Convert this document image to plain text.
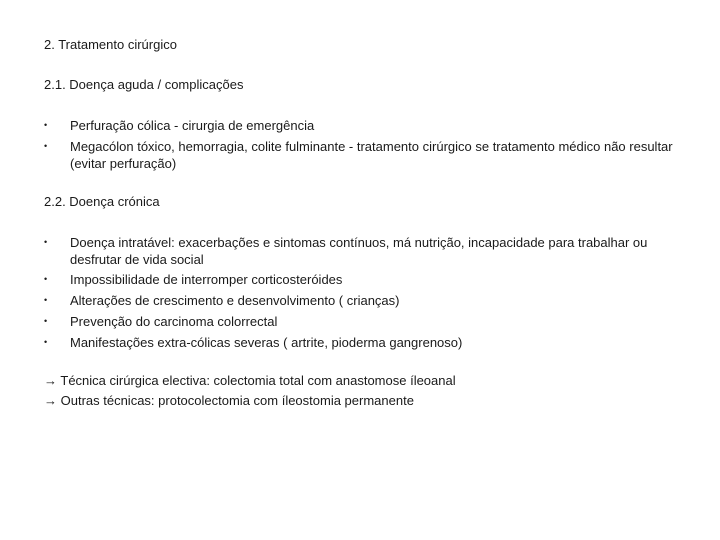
2. Tratamento cirúrgico
2.1. Doença aguda / complicações
• Perfuração cólica - cirurgia de emergência
• Megacólon tóxico, hemorragia, colite fulminante - tratamento cirúrgico se tratamento médico não resultar (evitar perfuração)
2.2. Doença crónica
• Doença intratável: exacerbações e sintomas contínuos, má nutrição, incapacidade para trabalhar ou desfrutar de vida social
• Impossibilidade de interromper corticosteróides
• Alterações de crescimento e desenvolvimento ( crianças)
• Prevenção do carcinoma colorrectal
• Manifestações extra-cólicas severas ( artrite, pioderma gangrenoso)
→ Técnica cirúrgica electiva: colectomia total com anastomose íleoanal
→ Outras técnicas: protocolectomia com íleostomia permanente
